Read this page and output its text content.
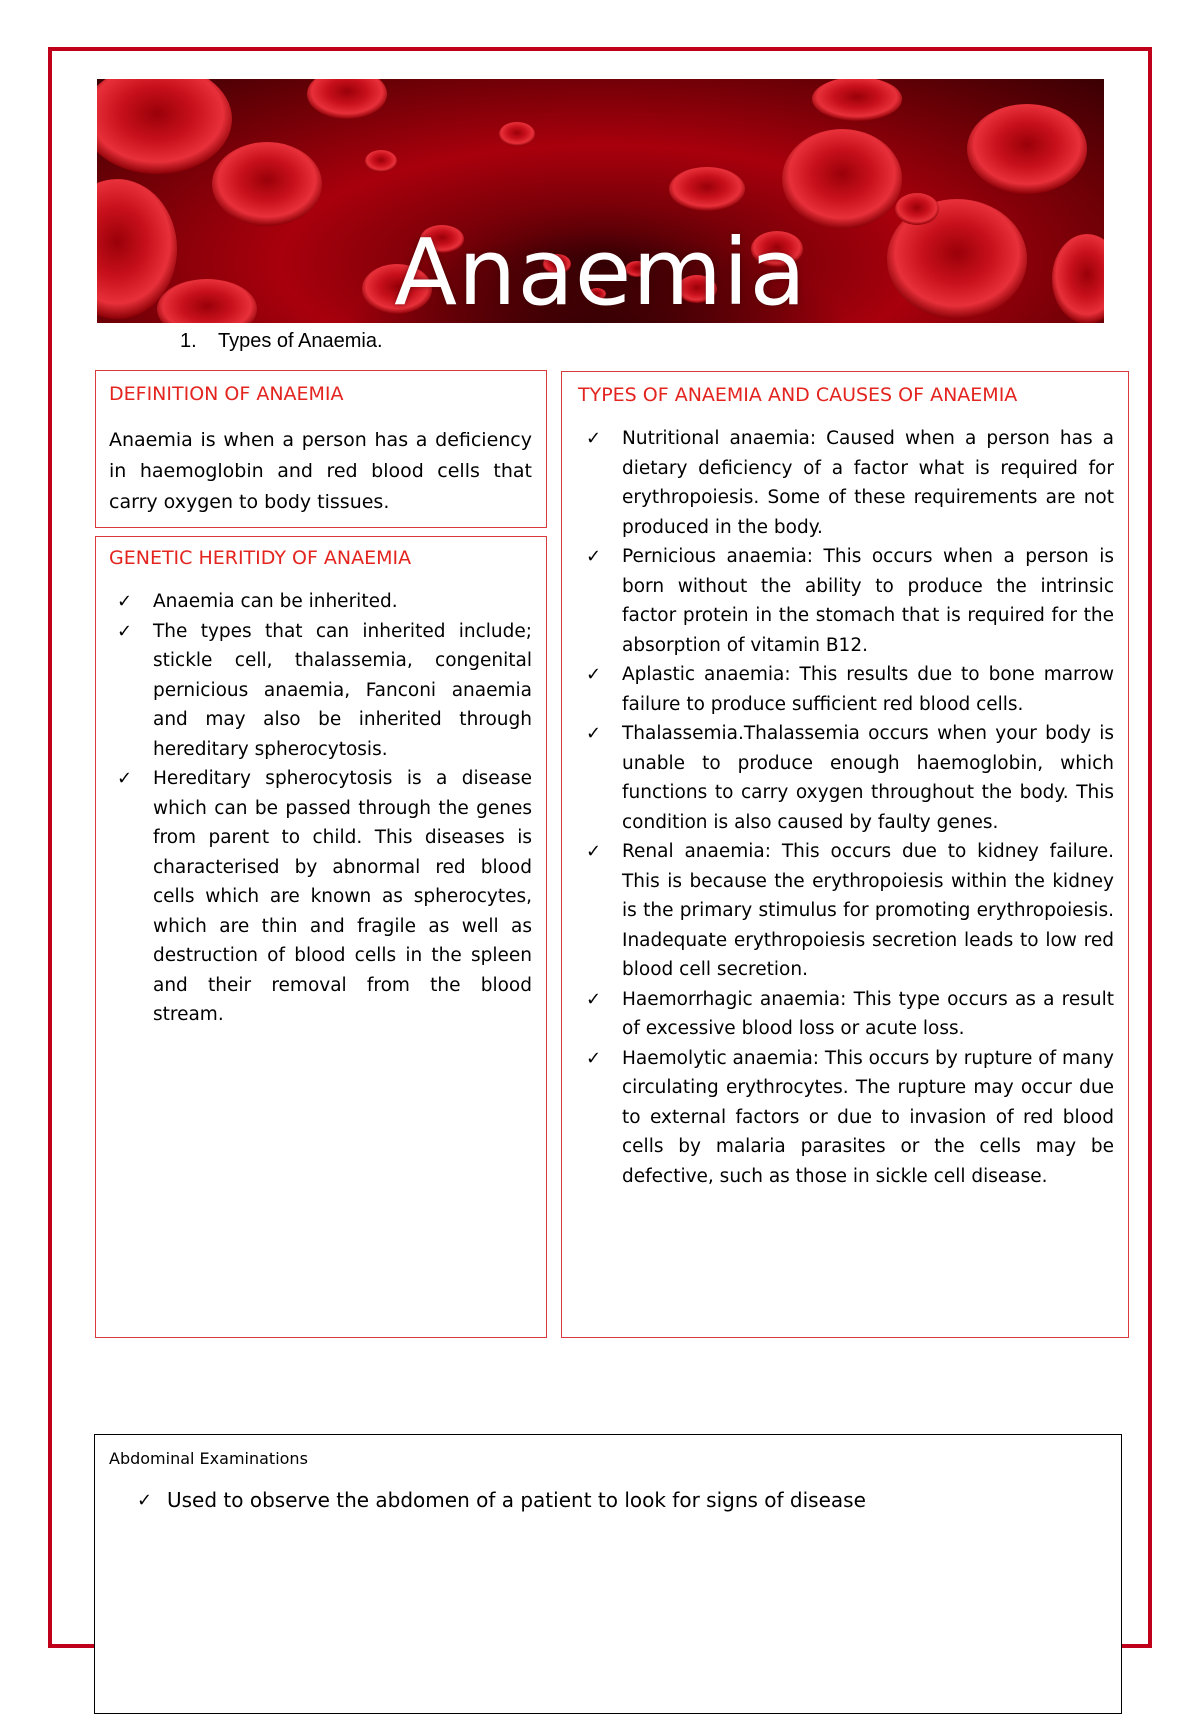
Anaemia
1. Types of Anaemia.
DEFINITION OF ANAEMIA

Anaemia is when a person has a deficiency in haemoglobin and red blood cells that carry oxygen to body tissues.

GENETIC HERITIDY OF ANAEMIA
✓ Anaemia can be inherited.
✓ The types that can inherited include; stickle cell, thalassemia, congenital pernicious anaemia, Fanconi anaemia and may also be inherited through hereditary spherocytosis.
✓ Hereditary spherocytosis is a disease which can be passed through the genes from parent to child. This diseases is characterised by abnormal red blood cells which are known as spherocytes, which are thin and fragile as well as destruction of blood cells in the spleen and their removal from the blood stream.
TYPES OF ANAEMIA AND CAUSES OF ANAEMIA
✓ Nutritional anaemia: Caused when a person has a dietary deficiency of a factor what is required for erythropoiesis. Some of these requirements are not produced in the body.
✓ Pernicious anaemia: This occurs when a person is born without the ability to produce the intrinsic factor protein in the stomach that is required for the absorption of vitamin B12.
✓ Aplastic anaemia: This results due to bone marrow failure to produce sufficient red blood cells.
✓ Thalassemia.Thalassemia occurs when your body is unable to produce enough haemoglobin, which functions to carry oxygen throughout the body. This condition is also caused by faulty genes.
✓ Renal anaemia: This occurs due to kidney failure. This is because the erythropoiesis within the kidney is the primary stimulus for promoting erythropoiesis. Inadequate erythropoiesis secretion leads to low red blood cell secretion.
✓ Haemorrhagic anaemia: This type occurs as a result of excessive blood loss or acute loss.
✓ Haemolytic anaemia: This occurs by rupture of many circulating erythrocytes. The rupture may occur due to external factors or due to invasion of red blood cells by malaria parasites or the cells may be defective, such as those in sickle cell disease.

Abdominal Examinations

✓ Used to observe the abdomen of a patient to look for signs of disease
